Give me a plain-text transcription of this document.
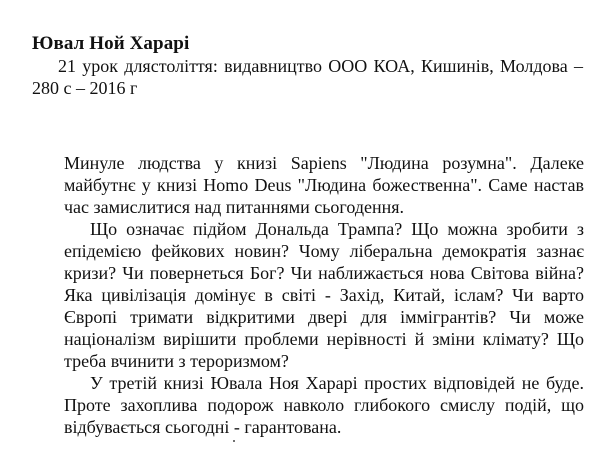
Ювал Ной Харарі

21 урок длястоліття: видавництво ООО КОА, Кишинів, Молдова – 280 с – 2016 г

Минуле людства у книзі Sapiens "Людина розумна". Далеке майбутнє у книзі Homo Deus "Людина божественна". Саме настав час замислитися над питаннями сьогодення.

Що означає підйом Дональда Трампа? Що можна зробити з епідемією фейкових новин? Чому ліберальна демократія зазнає кризи? Чи повернеться Бог? Чи наближається нова Світова війна? Яка цивілізація домінує в світі - Захід, Китай, іслам? Чи варто Європі тримати відкритими двері для іммігрантів? Чи може націоналізм вирішити проблеми нерівності й зміни клімату? Що треба вчинити з тероризмом?

У третій книзі Ювала Ноя Харарі простих відповідей не буде. Проте захоплива подорож навколо глибокого смислу подій, що відбувається сьогодні - гарантована.
